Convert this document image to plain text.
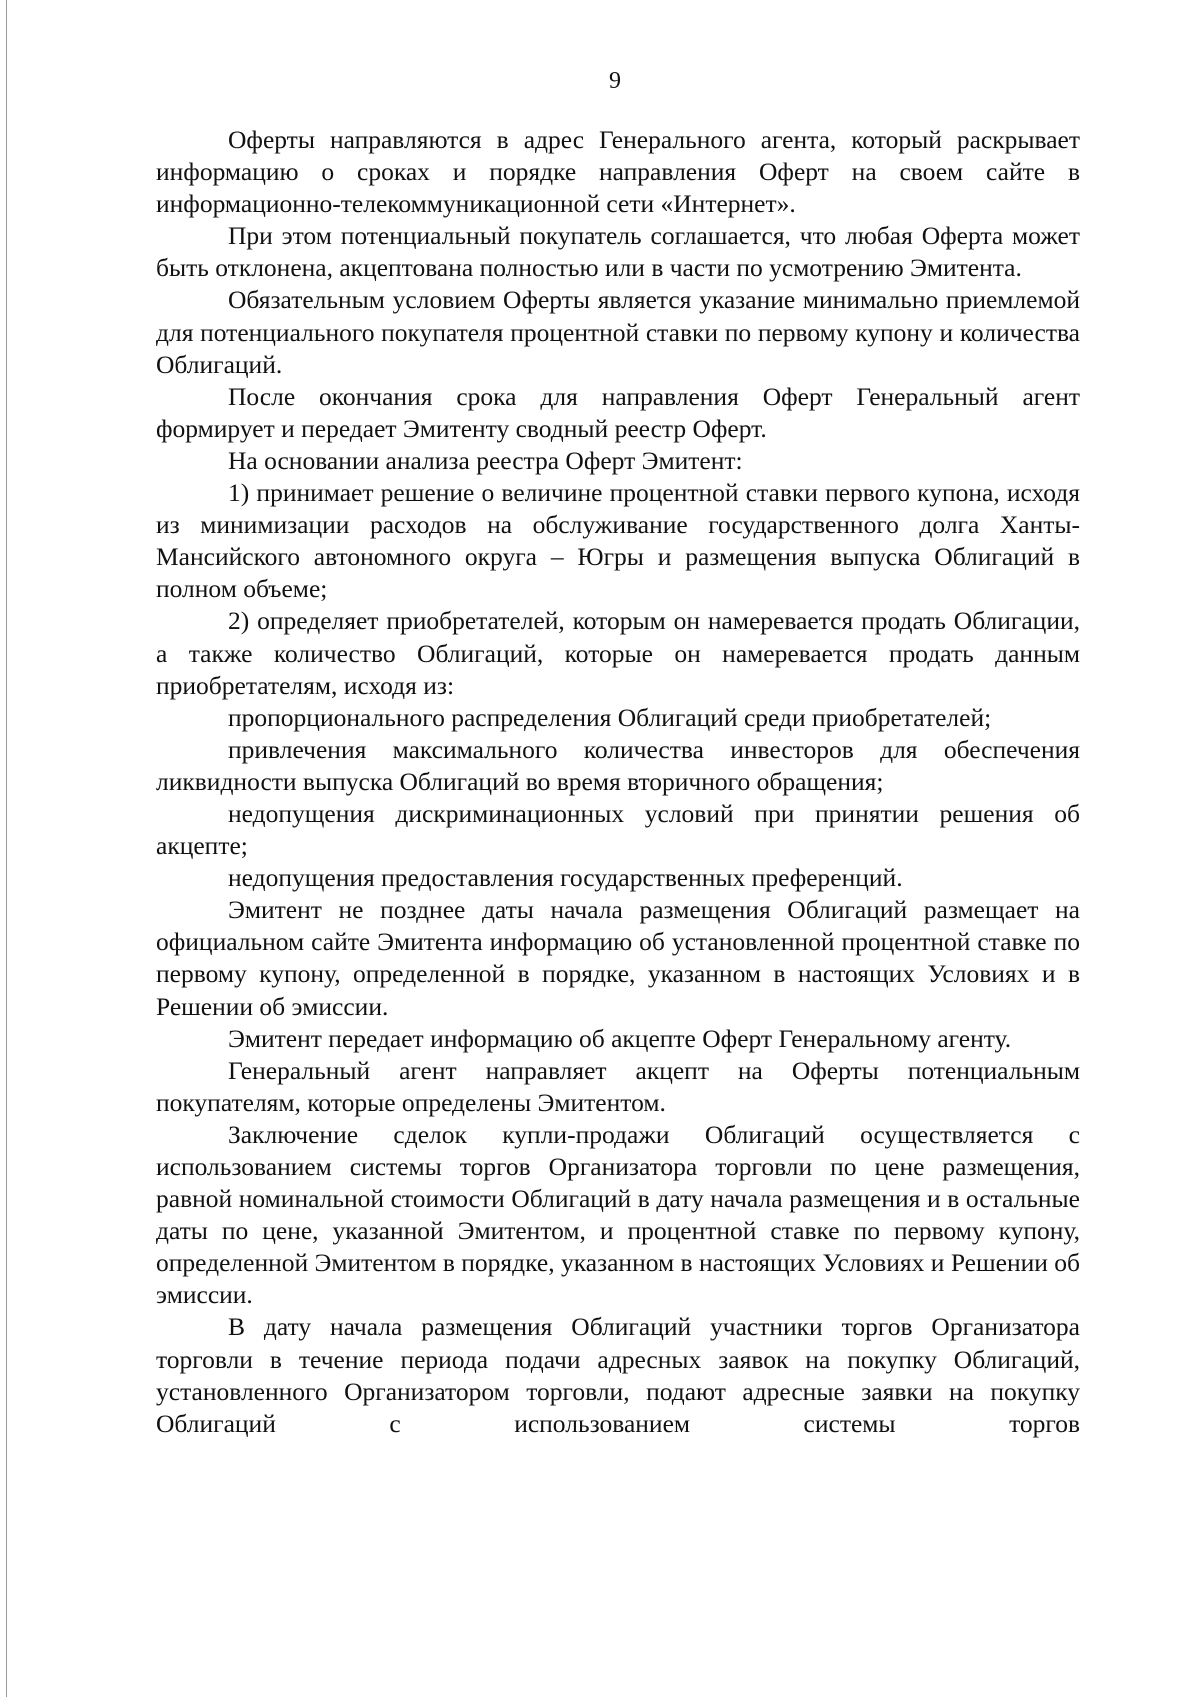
9

Оферты направляются в адрес Генерального агента, который раскрывает информацию о сроках и порядке направления Оферт на своем сайте в информационно-телекоммуникационной сети «Интернет».

При этом потенциальный покупатель соглашается, что любая Оферта может быть отклонена, акцептована полностью или в части по усмотрению Эмитента.

Обязательным условием Оферты является указание минимально приемлемой для потенциального покупателя процентной ставки по первому купону и количества Облигаций.

После окончания срока для направления Оферт Генеральный агент формирует и передает Эмитенту сводный реестр Оферт.

На основании анализа реестра Оферт Эмитент:

1) принимает решение о величине процентной ставки первого купона, исходя из минимизации расходов на обслуживание государственного долга Ханты-Мансийского автономного округа – Югры и размещения выпуска Облигаций в полном объеме;

2) определяет приобретателей, которым он намеревается продать Облигации, а также количество Облигаций, которые он намеревается продать данным приобретателям, исходя из:

пропорционального распределения Облигаций среди приобретателей;

привлечения максимального количества инвесторов для обеспечения ликвидности выпуска Облигаций во время вторичного обращения;

недопущения дискриминационных условий при принятии решения об акцепте;

недопущения предоставления государственных преференций.

Эмитент не позднее даты начала размещения Облигаций размещает на официальном сайте Эмитента информацию об установленной процентной ставке по первому купону, определенной в порядке, указанном в настоящих Условиях и в Решении об эмиссии.

Эмитент передает информацию об акцепте Оферт Генеральному агенту.

Генеральный агент направляет акцепт на Оферты потенциальным покупателям, которые определены Эмитентом.

Заключение сделок купли-продажи Облигаций осуществляется с использованием системы торгов Организатора торговли по цене размещения, равной номинальной стоимости Облигаций в дату начала размещения и в остальные даты по цене, указанной Эмитентом, и процентной ставке по первому купону, определенной Эмитентом в порядке, указанном в настоящих Условиях и Решении об эмиссии.

В дату начала размещения Облигаций участники торгов Организатора торговли в течение периода подачи адресных заявок на покупку Облигаций, установленного Организатором торговли, подают адресные заявки на покупку Облигаций с использованием системы торгов
